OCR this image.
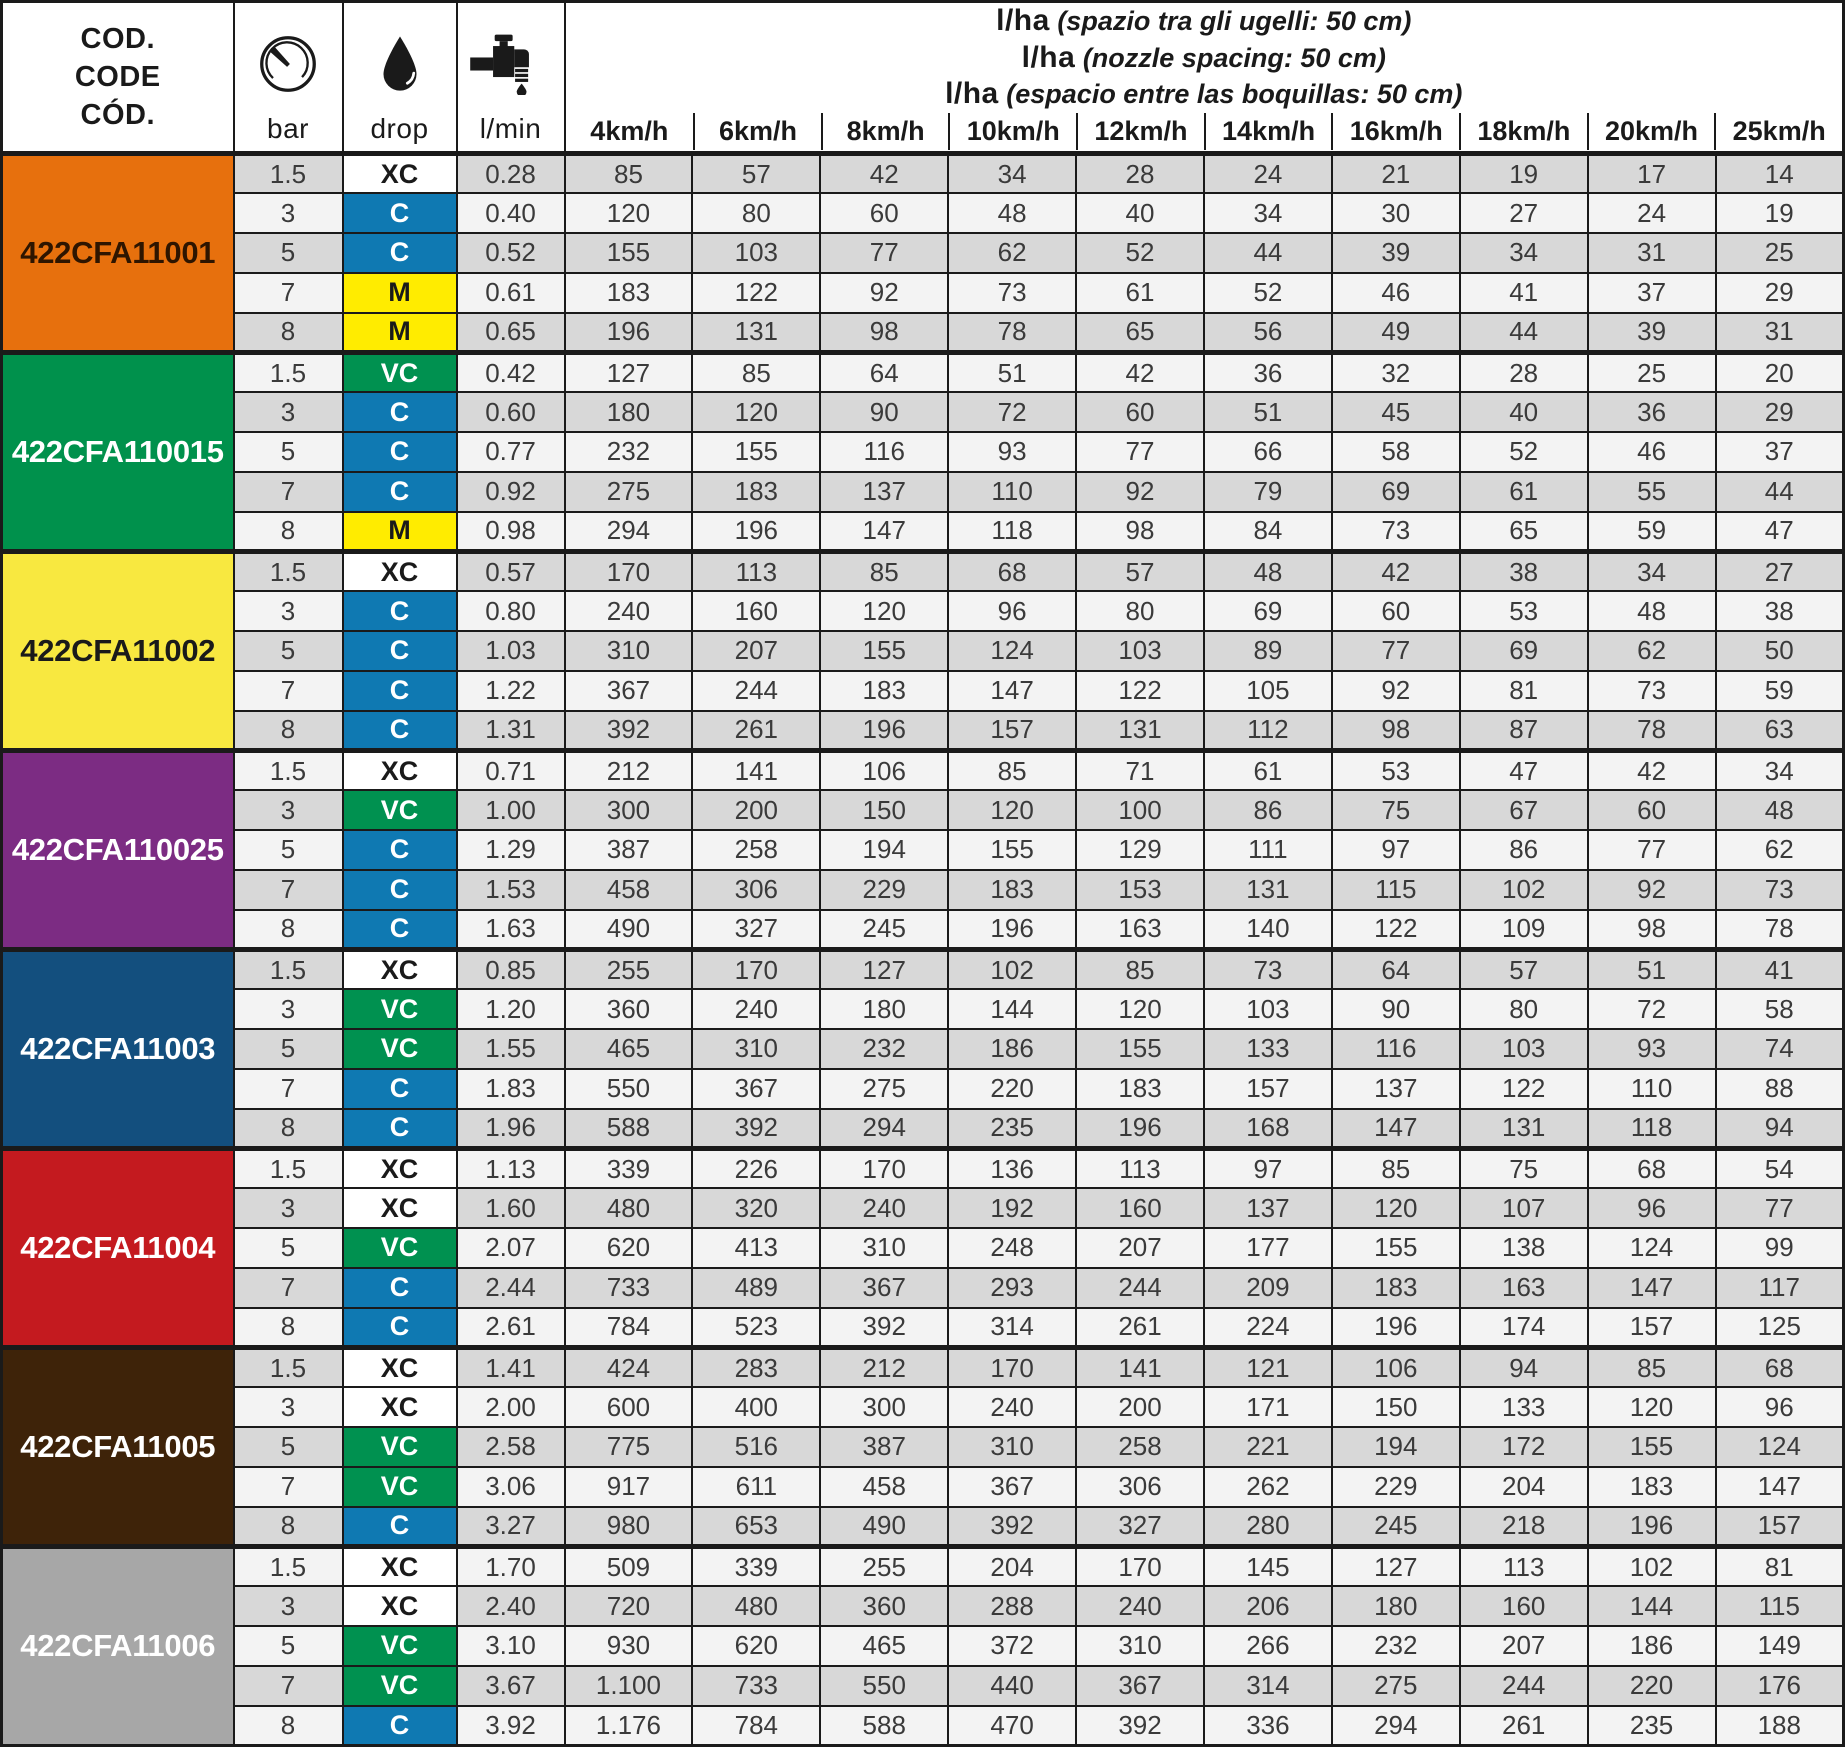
COD.
CODE
CÓD.	bar	drop	l/min

l/ha (spazio tra gli ugelli: 50 cm)
l/ha (nozzle spacing: 50 cm)
l/ha (espacio entre las boquillas: 50 cm)
4km/h	6km/h	8km/h	10km/h	12km/h	14km/h	16km/h	18km/h	20km/h	25km/h

422CFA11001	1.5	XC	0.28	85	57	42	34	28	24	21	19	17	14
	3	C	0.40	120	80	60	48	40	34	30	27	24	19
	5	C	0.52	155	103	77	62	52	44	39	34	31	25
	7	M	0.61	183	122	92	73	61	52	46	41	37	29
	8	M	0.65	196	131	98	78	65	56	49	44	39	31
422CFA110015	1.5	VC	0.42	127	85	64	51	42	36	32	28	25	20
	3	C	0.60	180	120	90	72	60	51	45	40	36	29
	5	C	0.77	232	155	116	93	77	66	58	52	46	37
	7	C	0.92	275	183	137	110	92	79	69	61	55	44
	8	M	0.98	294	196	147	118	98	84	73	65	59	47
422CFA11002	1.5	XC	0.57	170	113	85	68	57	48	42	38	34	27
	3	C	0.80	240	160	120	96	80	69	60	53	48	38
	5	C	1.03	310	207	155	124	103	89	77	69	62	50
	7	C	1.22	367	244	183	147	122	105	92	81	73	59
	8	C	1.31	392	261	196	157	131	112	98	87	78	63
422CFA110025	1.5	XC	0.71	212	141	106	85	71	61	53	47	42	34
	3	VC	1.00	300	200	150	120	100	86	75	67	60	48
	5	C	1.29	387	258	194	155	129	111	97	86	77	62
	7	C	1.53	458	306	229	183	153	131	115	102	92	73
	8	C	1.63	490	327	245	196	163	140	122	109	98	78
422CFA11003	1.5	XC	0.85	255	170	127	102	85	73	64	57	51	41
	3	VC	1.20	360	240	180	144	120	103	90	80	72	58
	5	VC	1.55	465	310	232	186	155	133	116	103	93	74
	7	C	1.83	550	367	275	220	183	157	137	122	110	88
	8	C	1.96	588	392	294	235	196	168	147	131	118	94
422CFA11004	1.5	XC	1.13	339	226	170	136	113	97	85	75	68	54
	3	XC	1.60	480	320	240	192	160	137	120	107	96	77
	5	VC	2.07	620	413	310	248	207	177	155	138	124	99
	7	C	2.44	733	489	367	293	244	209	183	163	147	117
	8	C	2.61	784	523	392	314	261	224	196	174	157	125
422CFA11005	1.5	XC	1.41	424	283	212	170	141	121	106	94	85	68
	3	XC	2.00	600	400	300	240	200	171	150	133	120	96
	5	VC	2.58	775	516	387	310	258	221	194	172	155	124
	7	VC	3.06	917	611	458	367	306	262	229	204	183	147
	8	C	3.27	980	653	490	392	327	280	245	218	196	157
422CFA11006	1.5	XC	1.70	509	339	255	204	170	145	127	113	102	81
	3	XC	2.40	720	480	360	288	240	206	180	160	144	115
	5	VC	3.10	930	620	465	372	310	266	232	207	186	149
	7	VC	3.67	1.100	733	550	440	367	314	275	244	220	176
	8	C	3.92	1.176	784	588	470	392	336	294	261	235	188
